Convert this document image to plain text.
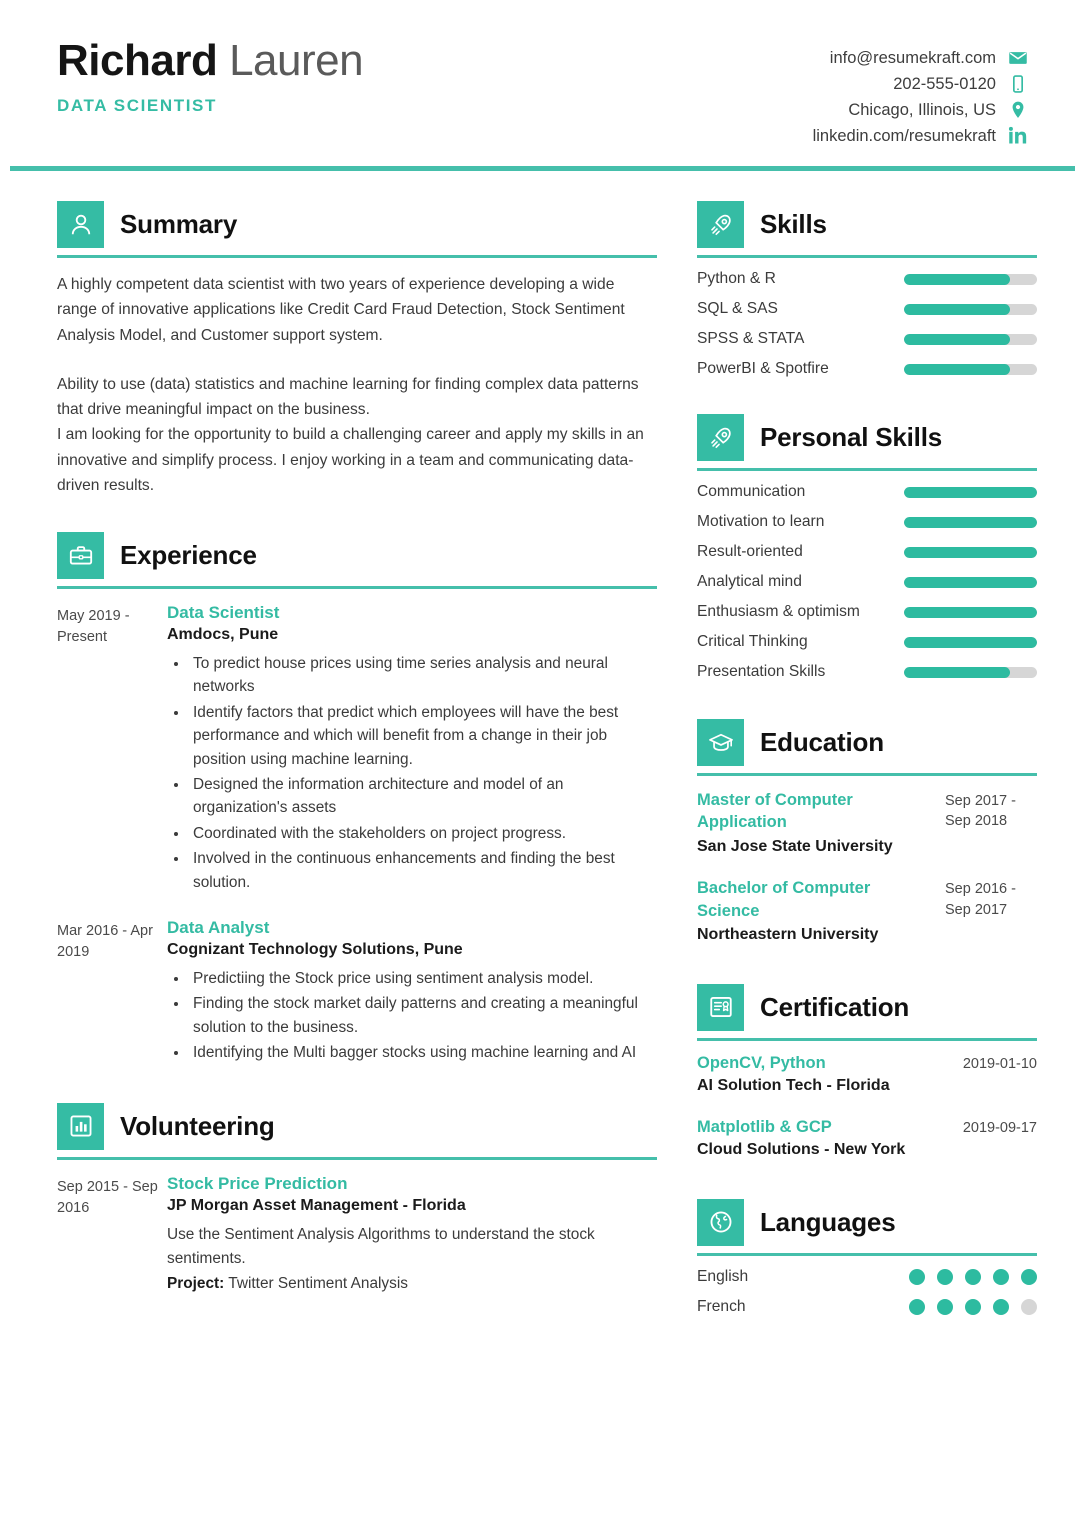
Richard Lauren
DATA SCIENTIST
info@resumekraft.com
202-555-0120
Chicago, Illinois, US
linkedin.com/resumekraft
Summary

A highly competent data scientist with two years of experience developing a wide range of innovative applications like Credit Card Fraud Detection, Stock Sentiment Analysis Model, and Customer support system.

Ability to use (data) statistics and machine learning for finding complex data patterns that drive meaningful impact on the business.

I am looking for the opportunity to build a challenging career and apply my skills in an innovative and simplify process. I enjoy working in a team and communicating data-driven results.

Experience
May 2019 - Present
Data Scientist
Amdocs, Pune
• To predict house prices using time series analysis and neural networks
• Identify factors that predict which employees will have the best performance and which will benefit from a change in their job position using machine learning.
• Designed the information architecture and model of an organization's assets
• Coordinated with the stakeholders on project progress.
• Involved in the continuous enhancements and finding the best solution.
Mar 2016 - Apr 2019
Data Analyst
Cognizant Technology Solutions, Pune
• Predictiing the Stock price using sentiment analysis model.
• Finding the stock market daily patterns and creating a meaningful solution to the business.
• Identifying the Multi bagger stocks using machine learning and AI
Volunteering
Sep 2015 - Sep 2016
Stock Price Prediction
JP Morgan Asset Management - Florida
Use the Sentiment Analysis Algorithms to understand the stock sentiments.
Project: Twitter Sentiment Analysis
Skills
Python & R
SQL & SAS
SPSS & STATA
PowerBI & Spotfire
Personal Skills
Communication
Motivation to learn
Result-oriented
Analytical mind
Enthusiasm & optimism
Critical Thinking
Presentation Skills
Education
Master of Computer Application
San Jose State University
Sep 2017 - Sep 2018
Bachelor of Computer Science
Northeastern University
Sep 2016 - Sep 2017
Certification
OpenCV, Python	2019-01-10
AI Solution Tech - Florida
Matplotlib & GCP	2019-09-17
Cloud Solutions - New York
Languages
English
French
